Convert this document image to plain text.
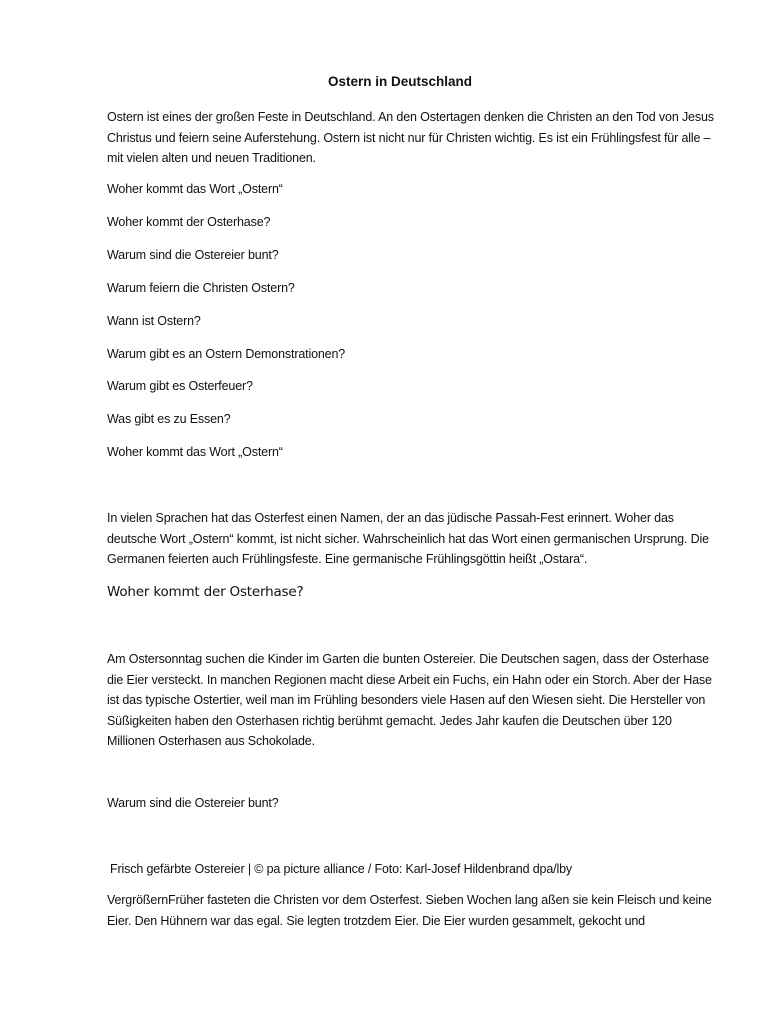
Ostern in Deutschland

Ostern ist eines der großen Feste in Deutschland. An den Ostertagen denken die Christen an den Tod von Jesus Christus und feiern seine Auferstehung. Ostern ist nicht nur für Christen wichtig. Es ist ein Frühlingsfest für alle – mit vielen alten und neuen Traditionen.

Woher kommt das Wort „Ostern“

Woher kommt der Osterhase?

Warum sind die Ostereier bunt?

Warum feiern die Christen Ostern?

Wann ist Ostern?

Warum gibt es an Ostern Demonstrationen?

Warum gibt es Osterfeuer?

Was gibt es zu Essen?

Woher kommt das Wort „Ostern“

In vielen Sprachen hat das Osterfest einen Namen, der an das jüdische Passah-Fest erinnert. Woher das deutsche Wort „Ostern“ kommt, ist nicht sicher. Wahrscheinlich hat das Wort einen germanischen Ursprung. Die Germanen feierten auch Frühlingsfeste. Eine germanische Frühlingsgöttin heißt „Ostara“.

Woher kommt der Osterhase?

Am Ostersonntag suchen die Kinder im Garten die bunten Ostereier. Die Deutschen sagen, dass der Osterhase die Eier versteckt. In manchen Regionen macht diese Arbeit ein Fuchs, ein Hahn oder ein Storch. Aber der Hase ist das typische Ostertier, weil man im Frühling besonders viele Hasen auf den Wiesen sieht. Die Hersteller von Süßigkeiten haben den Osterhasen richtig berühmt gemacht. Jedes Jahr kaufen die Deutschen über 120 Millionen Osterhasen aus Schokolade.

Warum sind die Ostereier bunt?

Frisch gefärbte Ostereier | © pa picture alliance / Foto: Karl-Josef Hildenbrand dpa/lby

VergrößernFrüher fasteten die Christen vor dem Osterfest. Sieben Wochen lang aßen sie kein Fleisch und keine Eier. Den Hühnern war das egal. Sie legten trotzdem Eier. Die Eier wurden gesammelt, gekocht und
